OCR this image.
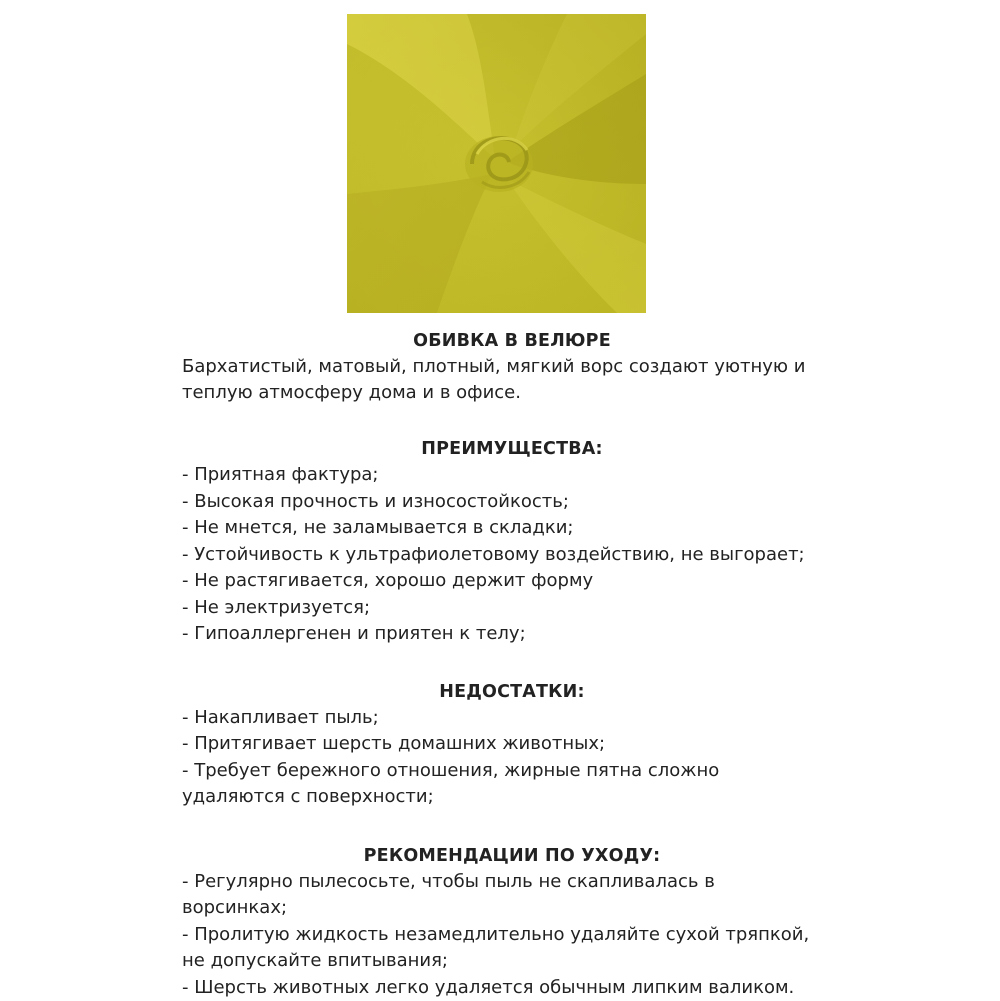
ОБИВКА В ВЕЛЮРЕ

Бархатистый, матовый, плотный, мягкий ворс создают уютную и

теплую атмосферу дома и в офисе.

ПРЕИМУЩЕСТВА:

- Приятная фактура;

- Высокая прочность и износостойкость;

- Не мнется, не заламывается в складки;

- Устойчивость к ультрафиолетовому воздействию, не выгорает;

- Не растягивается, хорошо держит форму

- Не электризуется;

- Гипоаллергенен и приятен к телу;

НЕДОСТАТКИ:

- Накапливает пыль;

- Притягивает шерсть домашних животных;

- Требует бережного отношения, жирные пятна сложно

удаляются с поверхности;

РЕКОМЕНДАЦИИ ПО УХОДУ:

- Регулярно пылесосьте, чтобы пыль не скапливалась в

ворсинках;

- Пролитую жидкость незамедлительно удаляйте сухой тряпкой,

не допускайте впитывания;

- Шерсть животных легко удаляется обычным липким валиком.
